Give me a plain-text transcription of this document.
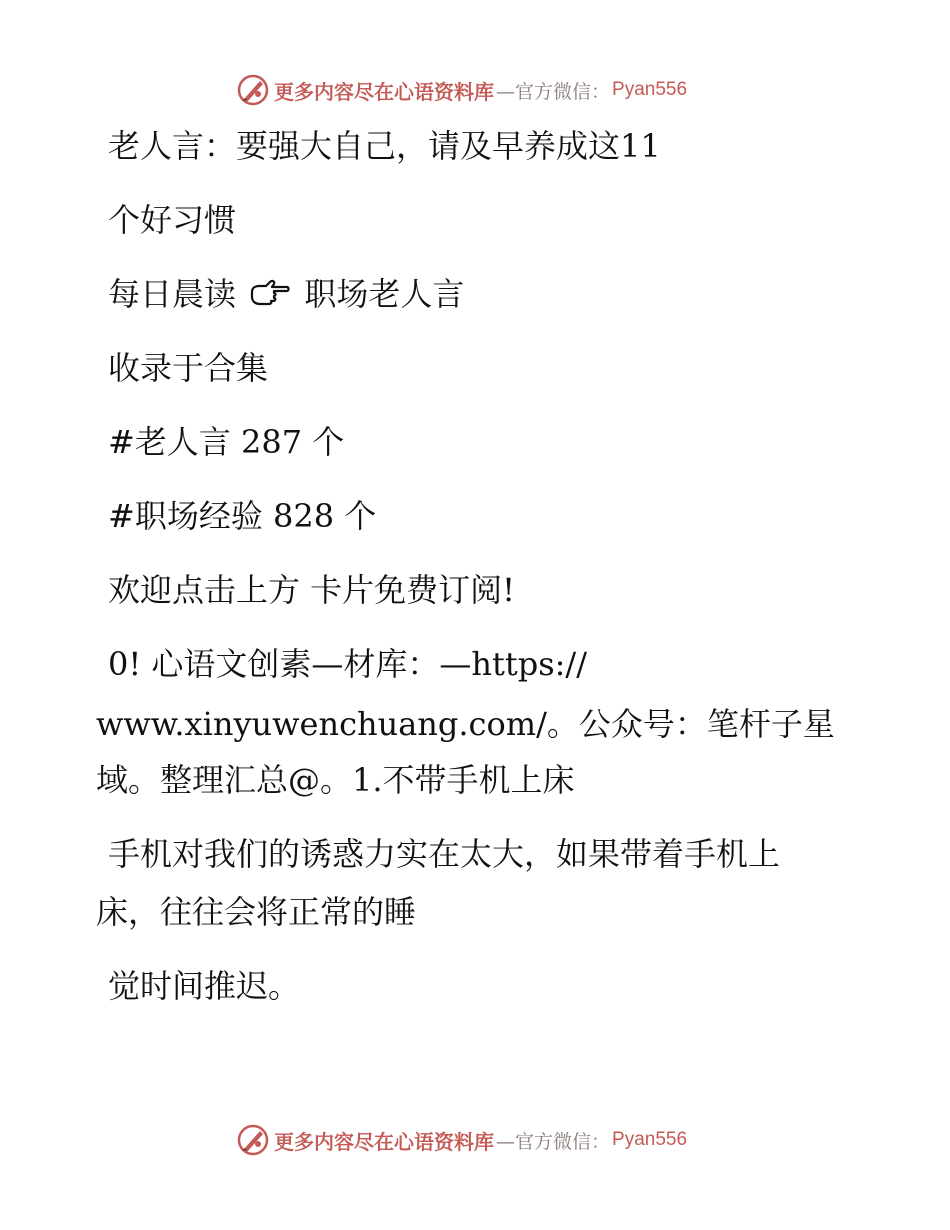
更多内容尽在心语资料库 —官方微信： Pyan556
老人言：要强大自己，请及早养成这11
个好习惯
每日晨读 职场老人言
收录于合集
#老人言 287 个
#职场经验 828 个
欢迎点击上方 卡片免费订阅!
0! 心语文创素—材库：—https://
www.xinyuwenchuang.com/。公众号：笔杆子星
域。整理汇总@。1.不带手机上床
手机对我们的诱惑力实在太大，如果带着手机上
床，往往会将正常的睡
觉时间推迟。
更多内容尽在心语资料库 —官方微信： Pyan556
